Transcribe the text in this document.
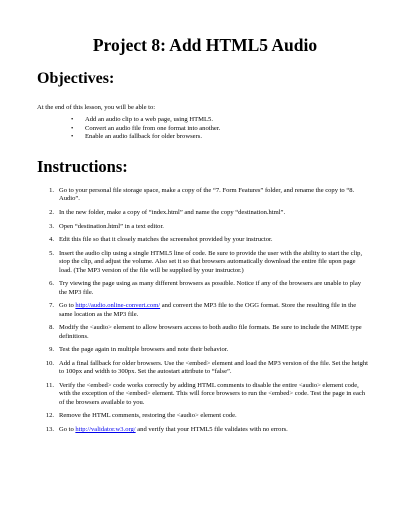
Project 8: Add HTML5 Audio
Objectives:

At the end of this lesson, you will be able to:

• Add an audio clip to a web page, using HTML5.
• Convert an audio file from one format into another.
• Enable an audio fallback for older browsers.
Instructions:
1. Go to your personal file storage space, make a copy of the “7. Form Features” folder, and rename the copy to “8. Audio”.
2. In the new folder, make a copy of “index.html” and name the copy “destination.html”.
3. Open “destination.html” in a text editor.
4. Edit this file so that it closely matches the screenshot provided by your instructor.
5. Insert the audio clip using a single HTML5 line of code. Be sure to provide the user with the ability to start the clip, stop the clip, and adjust the volume. Also set it so that browsers automatically download the entire file upon page load. (The MP3 version of the file will be supplied by your instructor.)
6. Try viewing the page using as many different browsers as possible. Notice if any of the browsers are unable to play the MP3 file.
7. Go to http://audio.online-convert.com/ and convert the MP3 file to the OGG format. Store the resulting file in the same location as the MP3 file.
8. Modify the <audio> element to allow browsers access to both audio file formats. Be sure to include the MIME type definitions.
9. Test the page again in multiple browsers and note their behavior.
10. Add a final fallback for older browsers. Use the <embed> element and load the MP3 version of the file. Set the height to 100px and width to 300px. Set the autostart attribute to “false”.
11. Verify the <embed> code works correctly by adding HTML comments to disable the entire <audio> element code, with the exception of the <embed> element. This will force browsers to run the <embed> code. Test the page in each of the browsers available to you.
12. Remove the HTML comments, restoring the <audio> element code.
13. Go to http://validator.w3.org/ and verify that your HTML5 file validates with no errors.
